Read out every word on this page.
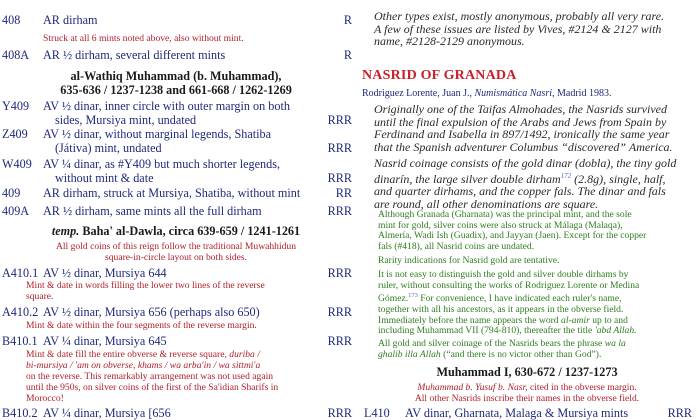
408 AR dirham	R
Struck at all 6 mints noted above, also without mint.
408A AR ½ dirham, several different mints	R
al-Wathiq Muhammad (b. Muhammad),
635-636 / 1237-1238 and 661-668 / 1262-1269
Y409 AV ½ dinar, inner circle with outer margin on both
sides, Mursiya mint, undated	RRR
Z409 AV ½ dinar, without marginal legends, Shatiba
(Játiva) mint, undated	RRR
W409 AV ¼ dinar, as #Y409 but much shorter legends,
without mint & date	RRR
409 AR dirham, struck at Mursiya, Shatiba, without mint	RR
409A AR ½ dirham, same mints all the full dirham	RRR
temp. Baha' al-Dawla, circa 639-659 / 1241-1261
All gold coins of this reign follow the traditional Muwahhidun
square-in-circle layout on both sides.
A410.1 AV ½ dinar, Mursiya 644	RRR
Mint & date in words filling the lower two lines of the reverse
square.
A410.2 AV ½ dinar, Mursiya 656 (perhaps also 650)	RRR
Mint & date within the four segments of the reverse margin.
B410.1 AV ¼ dinar, Mursiya 645	RRR
Mint & date fill the entire obverse & reverse square, duriba /
bi-mursiya / 'am on obverse, khams / wa arba'in / wa sittmi'a
on the reverse. This remarkably arrangement was not used again
until the 950s, on silver coins of the first of the Sa'idian Sharifs in
Morocco!
B410.2 AV ¼ dinar, Mursiya [656	RRR
Other types exist, mostly anonymous, probably all very rare.
A few of these issues are listed by Vives, #2124 & 2127 with
name, #2128-2129 anonymous.
NASRID OF GRANADA
Rodriguez Lorente, Juan J., Numismática Nasri, Madrid 1983.
Originally one of the Taifas Almohades, the Nasrids survived
until the final expulsion of the Arabs and Jews from Spain by
Ferdinand and Isabella in 897/1492, ironically the same year
that the Spanish adventurer Columbus “discovered” America.
Nasrid coinage consists of the gold dinar (dobla), the tiny gold
dinarín, the large silver double dirham$^{172}$ (2.8g), single, half,
and quarter dirhams, and the copper fals. The dinar and fals
are round, all other denominations are square.
Although Granada (Gharnata) was the principal mint, and the sole
mint for gold, silver coins were also struck at Málaga (Malaqa),
Almería, Wadi Ish (Guadix), and Jayyan (Jaen). Except for the copper
fals (#418), all Nasrid coins are undated.
Rarity indications for Nasrid gold are tentative.
It is not easy to distinguish the gold and silver double dirhams by
ruler, without consulting the works of Rodriguez Lorente or Medina
Gómez.$^{173}$ For convenience, I have indicated each ruler's name,
together with all his ancestors, as it appears in the obverse field.
Immediately before the name appears the word al-amir up to and
including Muhammad VII (794-810), thereafter the title 'abd Allah.
All gold and silver coinage of the Nasrids bears the phrase wa la
ghalib illa Allah (“and there is no victor other than God”).
Muhammad I, 630-672 / 1237-1273
Muhammad b. Yusuf b. Nasr, cited in the obverse margin.
All other Nasrids inscribe their names in the obverse field.
L410 AV dinar, Gharnata, Malaga & Mursiya mints	RRR
